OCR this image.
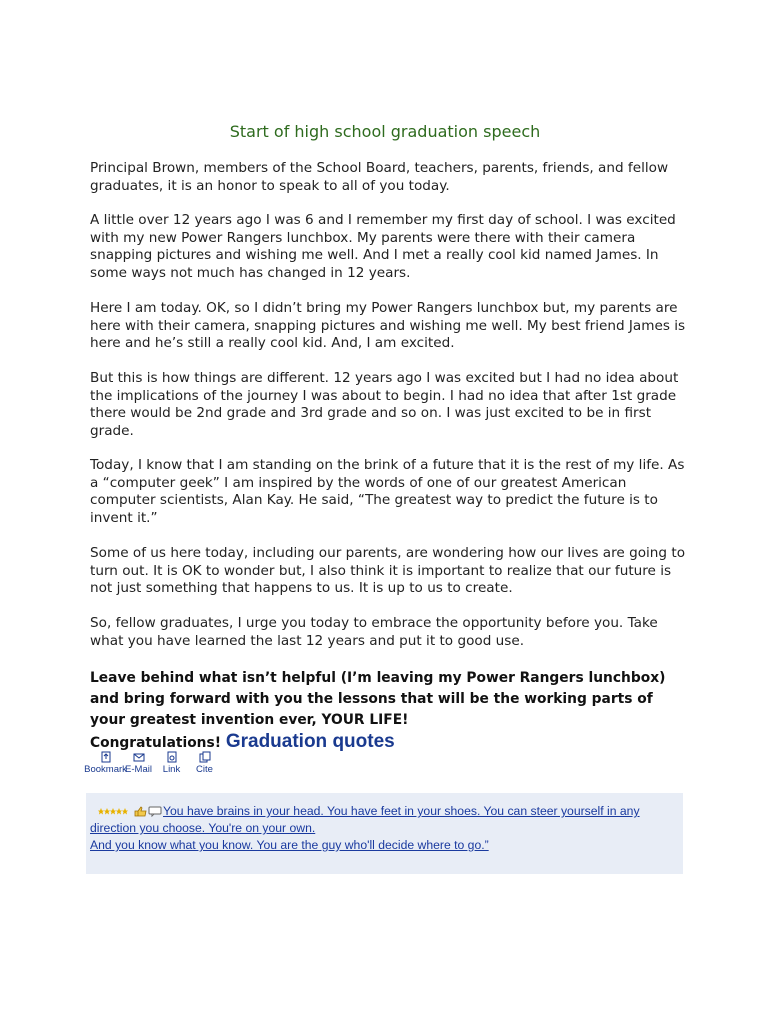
Start of high school graduation speech

Principal Brown, members of the School Board, teachers, parents, friends, and fellow graduates, it is an honor to speak to all of you today.

A little over 12 years ago I was 6 and I remember my first day of school. I was excited with my new Power Rangers lunchbox. My parents were there with their camera snapping pictures and wishing me well. And I met a really cool kid named James. In some ways not much has changed in 12 years.

Here I am today. OK, so I didn’t bring my Power Rangers lunchbox but, my parents are here with their camera, snapping pictures and wishing me well. My best friend James is here and he’s still a really cool kid. And, I am excited.

But this is how things are different. 12 years ago I was excited but I had no idea about the implications of the journey I was about to begin. I had no idea that after 1st grade there would be 2nd grade and 3rd grade and so on. I was just excited to be in first grade.

Today, I know that I am standing on the brink of a future that it is the rest of my life. As a “computer geek” I am inspired by the words of one of our greatest American computer scientists, Alan Kay. He said, “The greatest way to predict the future is to invent it.”

Some of us here today, including our parents, are wondering how our lives are going to turn out. It is OK to wonder but, I also think it is important to realize that our future is not just something that happens to us. It is up to us to create.

So, fellow graduates, I urge you today to embrace the opportunity before you. Take what you have learned the last 12 years and put it to good use.

Leave behind what isn’t helpful (I’m leaving my Power Rangers lunchbox) and bring forward with you the lessons that will be the working parts of your greatest invention ever, YOUR LIFE!
Congratulations! Graduation quotes
Bookmark
E-Mail Link Cite
You have brains in your head. You have feet in your shoes. You can steer yourself in any direction you choose. You're on your own.
And you know what you know. You are the guy who'll decide where to go.”
